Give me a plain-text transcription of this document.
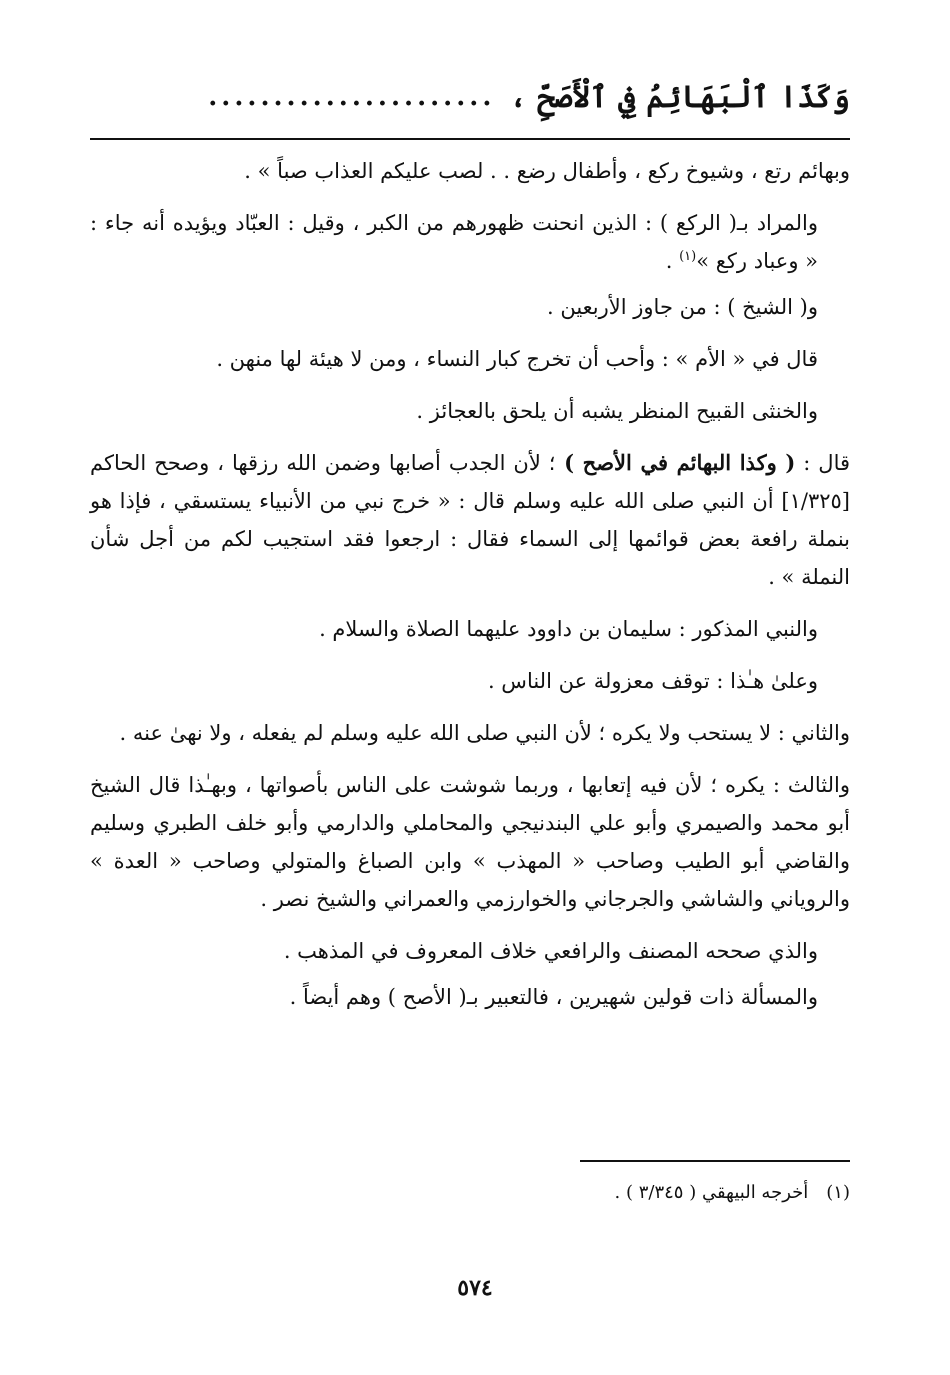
وَكَذَا ٱلْبَهَائِمُ فِي ٱلْأَصَحِّ ،
......................

وبهائم رتع ، وشيوخ ركع ، وأطفال رضع . . لصب عليكم العذاب صباً » .

والمراد بـ( الركع ) : الذين انحنت ظهورهم من الكبر ، وقيل : العبّاد ويؤيده أنه جاء : « وعباد ركع »$^{(١)}$ .

و( الشيخ ) : من جاوز الأربعين .

قال في « الأم » : وأحب أن تخرج كبار النساء ، ومن لا هيئة لها منهن .

والخنثى القبيح المنظر يشبه أن يلحق بالعجائز .

قال : ( وكذا البهائم في الأصح ) ؛ لأن الجدب أصابها وضمن الله رزقها ، وصحح الحاكم [١/٣٢٥] أن النبي صلى الله عليه وسلم قال : « خرج نبي من الأنبياء يستسقي ، فإذا هو بنملة رافعة بعض قوائمها إلى السماء فقال : ارجعوا فقد استجيب لكم من أجل شأن النملة » .

والنبي المذكور : سليمان بن داوود عليهما الصلاة والسلام .

وعلىٰ هـٰذا : توقف معزولة عن الناس .

والثاني : لا يستحب ولا يكره ؛ لأن النبي صلى الله عليه وسلم لم يفعله ، ولا نهىٰ عنه .

والثالث : يكره ؛ لأن فيه إتعابها ، وربما شوشت على الناس بأصواتها ، وبهـٰذا قال الشيخ أبو محمد والصيمري وأبو علي البندنيجي والمحاملي والدارمي وأبو خلف الطبري وسليم والقاضي أبو الطيب وصاحب « المهذب » وابن الصباغ والمتولي وصاحب « العدة » والروياني والشاشي والجرجاني والخوارزمي والعمراني والشيخ نصر .

والذي صححه المصنف والرافعي خلاف المعروف في المذهب .

والمسألة ذات قولين شهيرين ، فالتعبير بـ( الأصح ) وهم أيضاً .

(١)أخرجه البيهقي ( ٣/٣٤٥ ) .
٥٧٤
